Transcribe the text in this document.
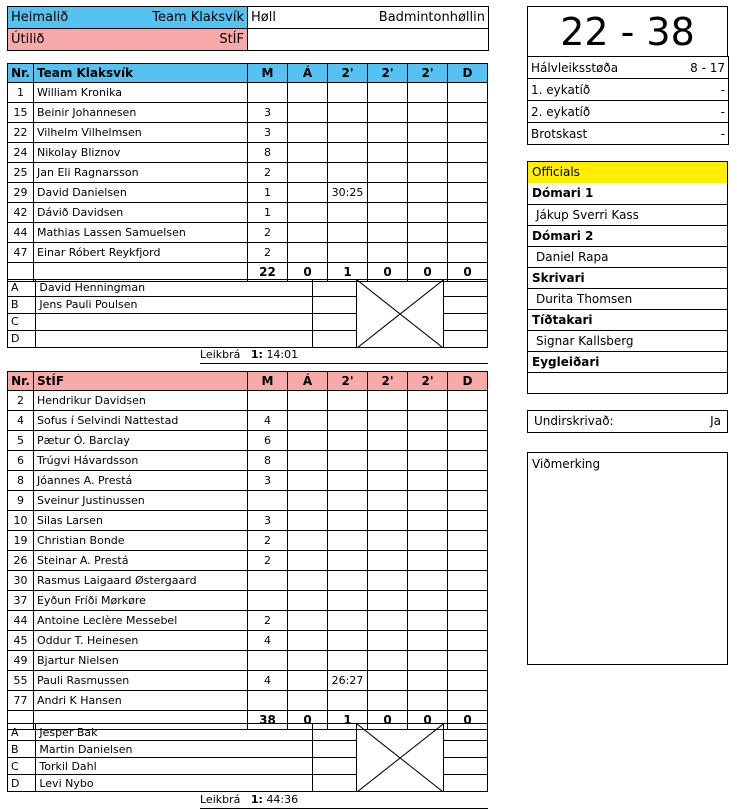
Heimalið Team Klaksvík	Høll Badmintonhøllin

Útilið StÍF	

Nr.	Team Klaksvík	M	Á	2'	2'	2'	D
1	William Kronika						
15	Beinir Johannesen	3					
22	Vilhelm Vilhelmsen	3					
24	Nikolay Bliznov	8					
25	Jan Eli Ragnarsson	2					
29	David Danielsen	1		30:25			
42	Dávið Davidsen	1					
44	Mathias Lassen Samuelsen	2					
47	Einar Róbert Reykfjord	2					
		22	0	1	0	0	0
A	David Henningman		

B	Jens Pauli Poulsen			
C				
D				
Leikbrá 1: 14:01
Nr.	StÍF	M	Á	2'	2'	2'	D
2	Hendrikur Davidsen						
4	Sofus í Selvindi Nattestad	4					
5	Pætur Ó. Barclay	6					
6	Trúgvi Hávardsson	8					
8	Jóannes A. Prestá	3					
9	Sveinur Justinussen						
10	Silas Larsen	3					
19	Christian Bonde	2					
26	Steinar A. Prestá	2					
30	Rasmus Laigaard Østergaard						
37	Eyðun Fríði Mørkøre						
44	Antoine Leclère Messebel	2					
45	Oddur T. Heinesen	4					
49	Bjartur Nielsen						
55	Pauli Rasmussen	4		26:27			
77	Andri K Hansen						
		38	0	1	0	0	0
A	Jesper Bak		

B	Martin Danielsen			
C	Torkil Dahl			
D	Levi Nybo			
Leikbrá 1: 44:36
22 - 38
Hálvleiksstøða	8 - 17
1. eykatíð	-
2. eykatíð	-
Brotskast	-
Officials
Dómari 1
Jákup Sverri Kass
Dómari 2
Daniel Rapa
Skrivari
Durita Thomsen
Tíðtakari
Signar Kallsberg
Eygleiðari
Undirskrivað:	Ja
Viðmerking
